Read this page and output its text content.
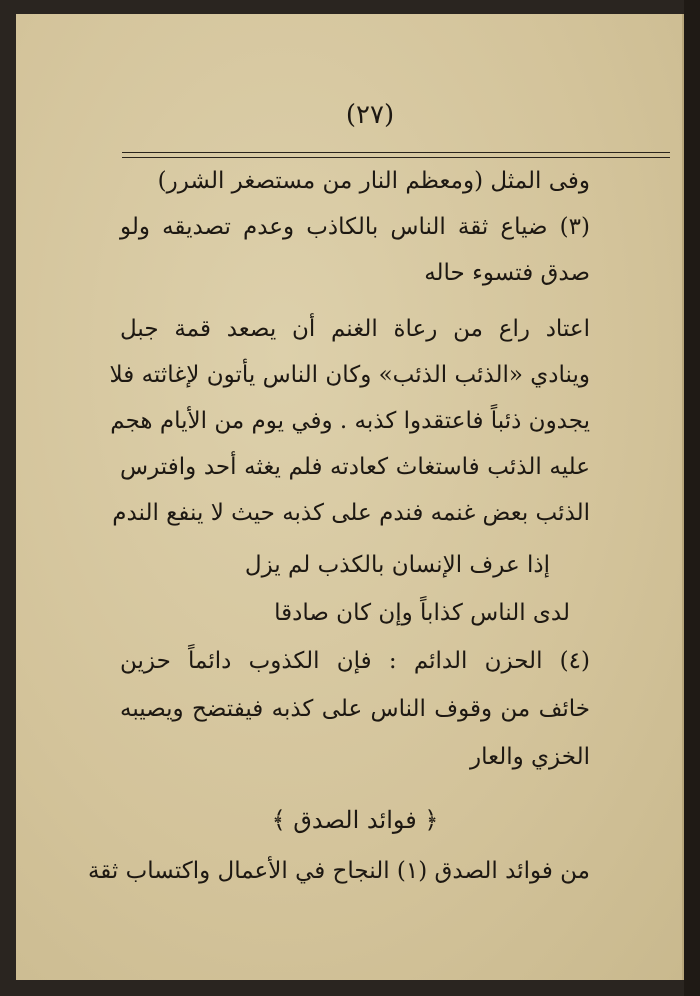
(٢٧)
وفى المثل (ومعظم النار من مستصغر الشرر)
(٣) ضياع ثقة الناس بالكاذب وعدم تصديقه ولو
صدق فتسوء حاله
اعتاد راع من رعاة الغنم أن يصعد قمة جبل
وينادي «الذئب الذئب» وكان الناس يأتون لإغاثته فلا
يجدون ذئباً فاعتقدوا كذبه . وفي يوم من الأيام هجم
عليه الذئب فاستغاث كعادته فلم يغثه أحد وافترس
الذئب بعض غنمه فندم على كذبه حيث لا ينفع الندم
إذا عرف الإنسان بالكذب لم يزل
لدى الناس كذاباً وإن كان صادقا
(٤) الحزن الدائم : فإن الكذوب دائماً حزين
خائف من وقوف الناس على كذبه فيفتضح ويصيبه
الخزي والعار
﴿ فوائد الصدق ﴾
من فوائد الصدق (١) النجاح في الأعمال واكتساب ثقة
